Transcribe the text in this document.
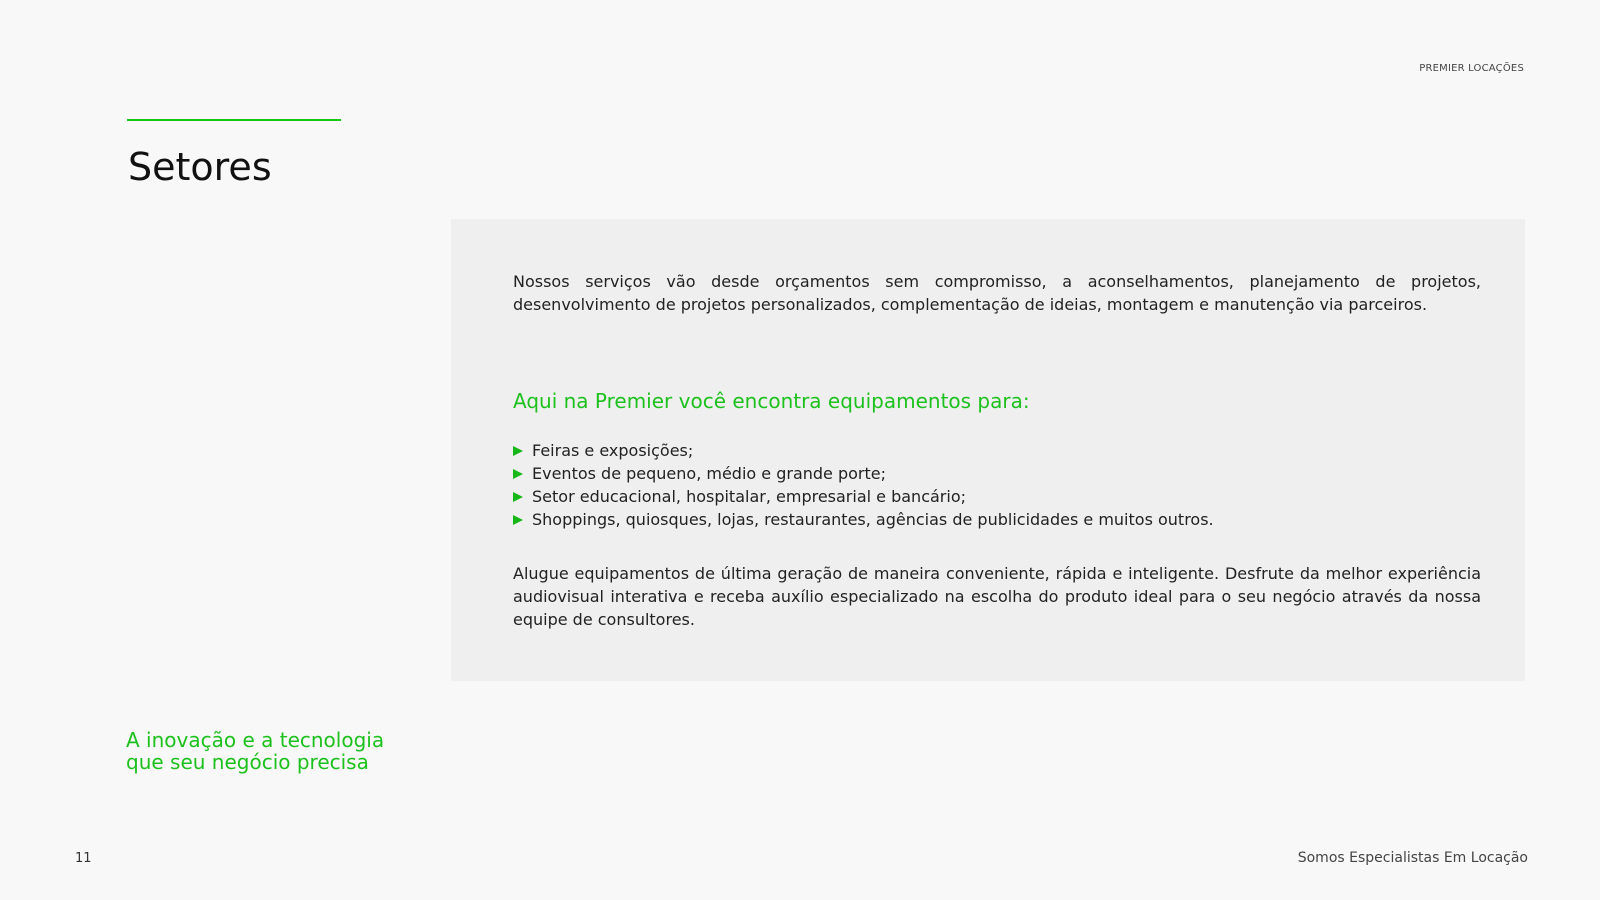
PREMIER LOCAÇÕES
Setores

Nossos serviços vão desde orçamentos sem compromisso, a aconselhamentos, planejamento de projetos, desenvolvimento de projetos personalizados, complementação de ideias, montagem e manutenção via parceiros.

Aqui na Premier você encontra equipamentos para:
Feiras e exposições;
Eventos de pequeno, médio e grande porte;
Setor educacional, hospitalar, empresarial e bancário;
Shoppings, quiosques, lojas, restaurantes, agências de publicidades e muitos outros.

Alugue equipamentos de última geração de maneira conveniente, rápida e inteligente. Desfrute da melhor experiência audiovisual interativa e receba auxílio especializado na escolha do produto ideal para o seu negócio através da nossa equipe de consultores.

A inovação e a tecnologia
que seu negócio precisa

11	Somos Especialistas Em Locação
